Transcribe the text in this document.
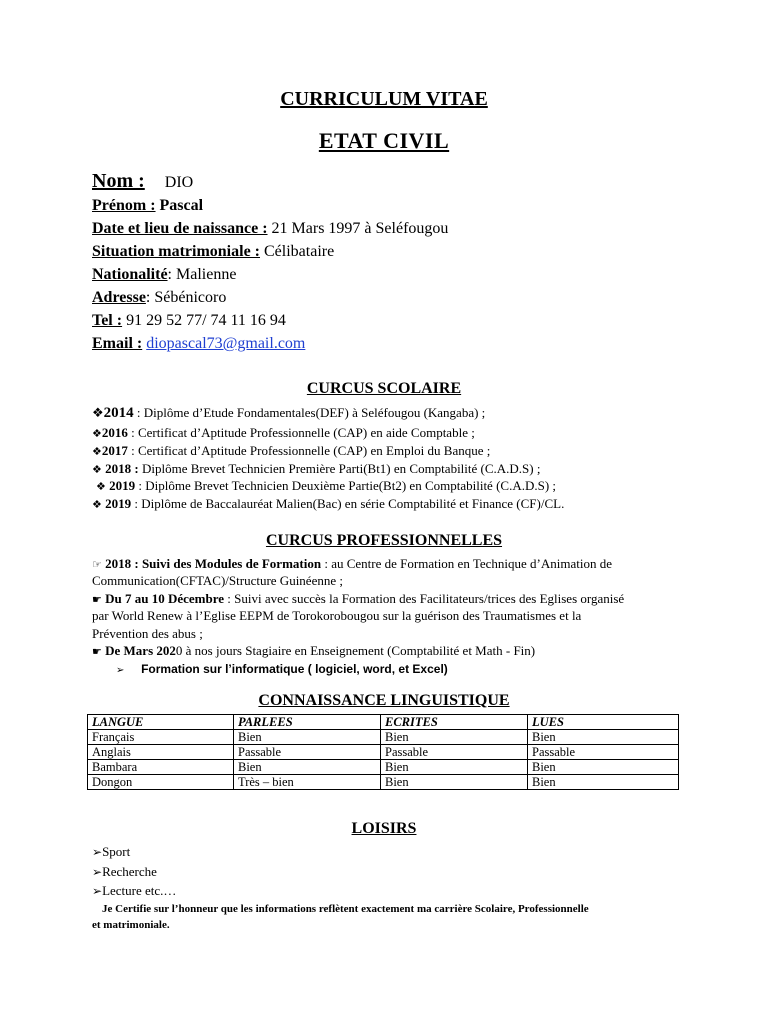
CURRICULUM VITAE
ETAT CIVIL
Nom : DIO
Prénom : Pascal
Date et lieu de naissance : 21 Mars 1997 à Seléfougou
Situation matrimoniale : Célibataire
Nationalité: Malienne
Adresse: Sébénicoro
Tel : 91 29 52 77/ 74 11 16 94
Email : diopascal73@gmail.com
CURCUS SCOLAIRE
❖2014 : Diplôme d’Etude Fondamentales(DEF) à Seléfougou (Kangaba) ;
❖2016 : Certificat d’Aptitude Professionnelle (CAP) en aide Comptable ;
❖2017 : Certificat d’Aptitude Professionnelle (CAP) en Emploi du Banque ;
❖ 2018 : Diplôme Brevet Technicien Première Parti(Bt1) en Comptabilité (C.A.D.S) ;
❖ 2019 : Diplôme Brevet Technicien Deuxième Partie(Bt2) en Comptabilité (C.A.D.S) ;
❖ 2019 : Diplôme de Baccalauréat Malien(Bac) en série Comptabilité et Finance (CF)/CL.
CURCUS PROFESSIONNELLES
☞ 2018 : Suivi des Modules de Formation : au Centre de Formation en Technique d’Animation de
Communication(CFTAC)/Structure Guinéenne ;
☛ Du 7 au 10 Décembre : Suivi avec succès la Formation des Facilitateurs/trices des Eglises organisé
par World Renew à l’Eglise EEPM de Torokorobougou sur la guérison des Traumatismes et la
Prévention des abus ;
☛ De Mars 2020 à nos jours Stagiaire en Enseignement (Comptabilité et Math - Fin)
➢ Formation sur l’informatique ( logiciel, word, et Excel)
CONNAISSANCE LINGUISTIQUE
LANGUE	PARLEES	ECRITES	LUES
Français	Bien	Bien	Bien
Anglais	Passable	Passable	Passable
Bambara	Bien	Bien	Bien
Dongon	Très – bien	Bien	Bien
LOISIRS
➢Sport
➢Recherche
➢Lecture etc.…
Je Certifie sur l’honneur que les informations reflètent exactement ma carrière Scolaire, Professionnelle
et matrimoniale.
